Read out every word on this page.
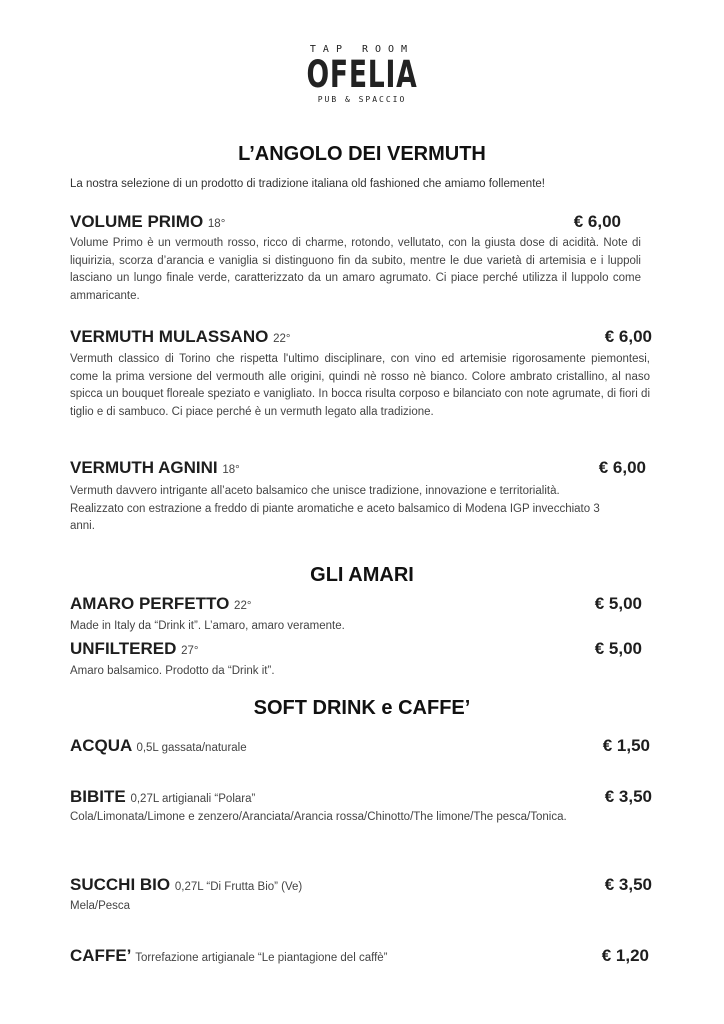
TAP ROOM
OFELIA
PUB & SPACCIO
L’ANGOLO DEI VERMUTH
La nostra selezione di un prodotto di tradizione italiana old fashioned che amiamo follemente!
VOLUME PRIMO 18°	€ 6,00
Volume Primo è un vermouth rosso, ricco di charme, rotondo, vellutato, con la giusta dose di acidità. Note di liquirizia, scorza d’arancia e vaniglia si distinguono fin da subito, mentre le due varietà di artemisia e i luppoli lasciano un lungo finale verde, caratterizzato da un amaro agrumato. Ci piace perché utilizza il luppolo come ammaricante.
VERMUTH MULASSANO 22°	€ 6,00
Vermuth classico di Torino che rispetta l'ultimo disciplinare, con vino ed artemisie rigorosamente piemontesi, come la prima versione del vermouth alle origini, quindi nè rosso nè bianco. Colore ambrato cristallino, al naso spicca un bouquet floreale speziato e vanigliato. In bocca risulta corposo e bilanciato con note agrumate, di fiori di tiglio e di sambuco. Ci piace perché è un vermuth legato alla tradizione.
VERMUTH AGNINI 18°	€ 6,00
Vermuth davvero intrigante all’aceto balsamico che unisce tradizione, innovazione e territorialità. Realizzato con estrazione a freddo di piante aromatiche e aceto balsamico di Modena IGP invecchiato 3 anni.
GLI AMARI
AMARO PERFETTO 22°	€ 5,00
Made in Italy da “Drink it”. L’amaro, amaro veramente.
UNFILTERED 27°	€ 5,00
Amaro balsamico. Prodotto da “Drink it”.
SOFT DRINK e CAFFE’
ACQUA 0,5L gassata/naturale	€ 1,50
BIBITE 0,27L artigianali “Polara”	€ 3,50
Cola/Limonata/Limone e zenzero/Aranciata/Arancia rossa/Chinotto/The limone/The pesca/Tonica.
SUCCHI BIO 0,27L “Di Frutta Bio” (Ve)	€ 3,50
Mela/Pesca
CAFFE’ Torrefazione artigianale “Le piantagione del caffè”	€ 1,20
